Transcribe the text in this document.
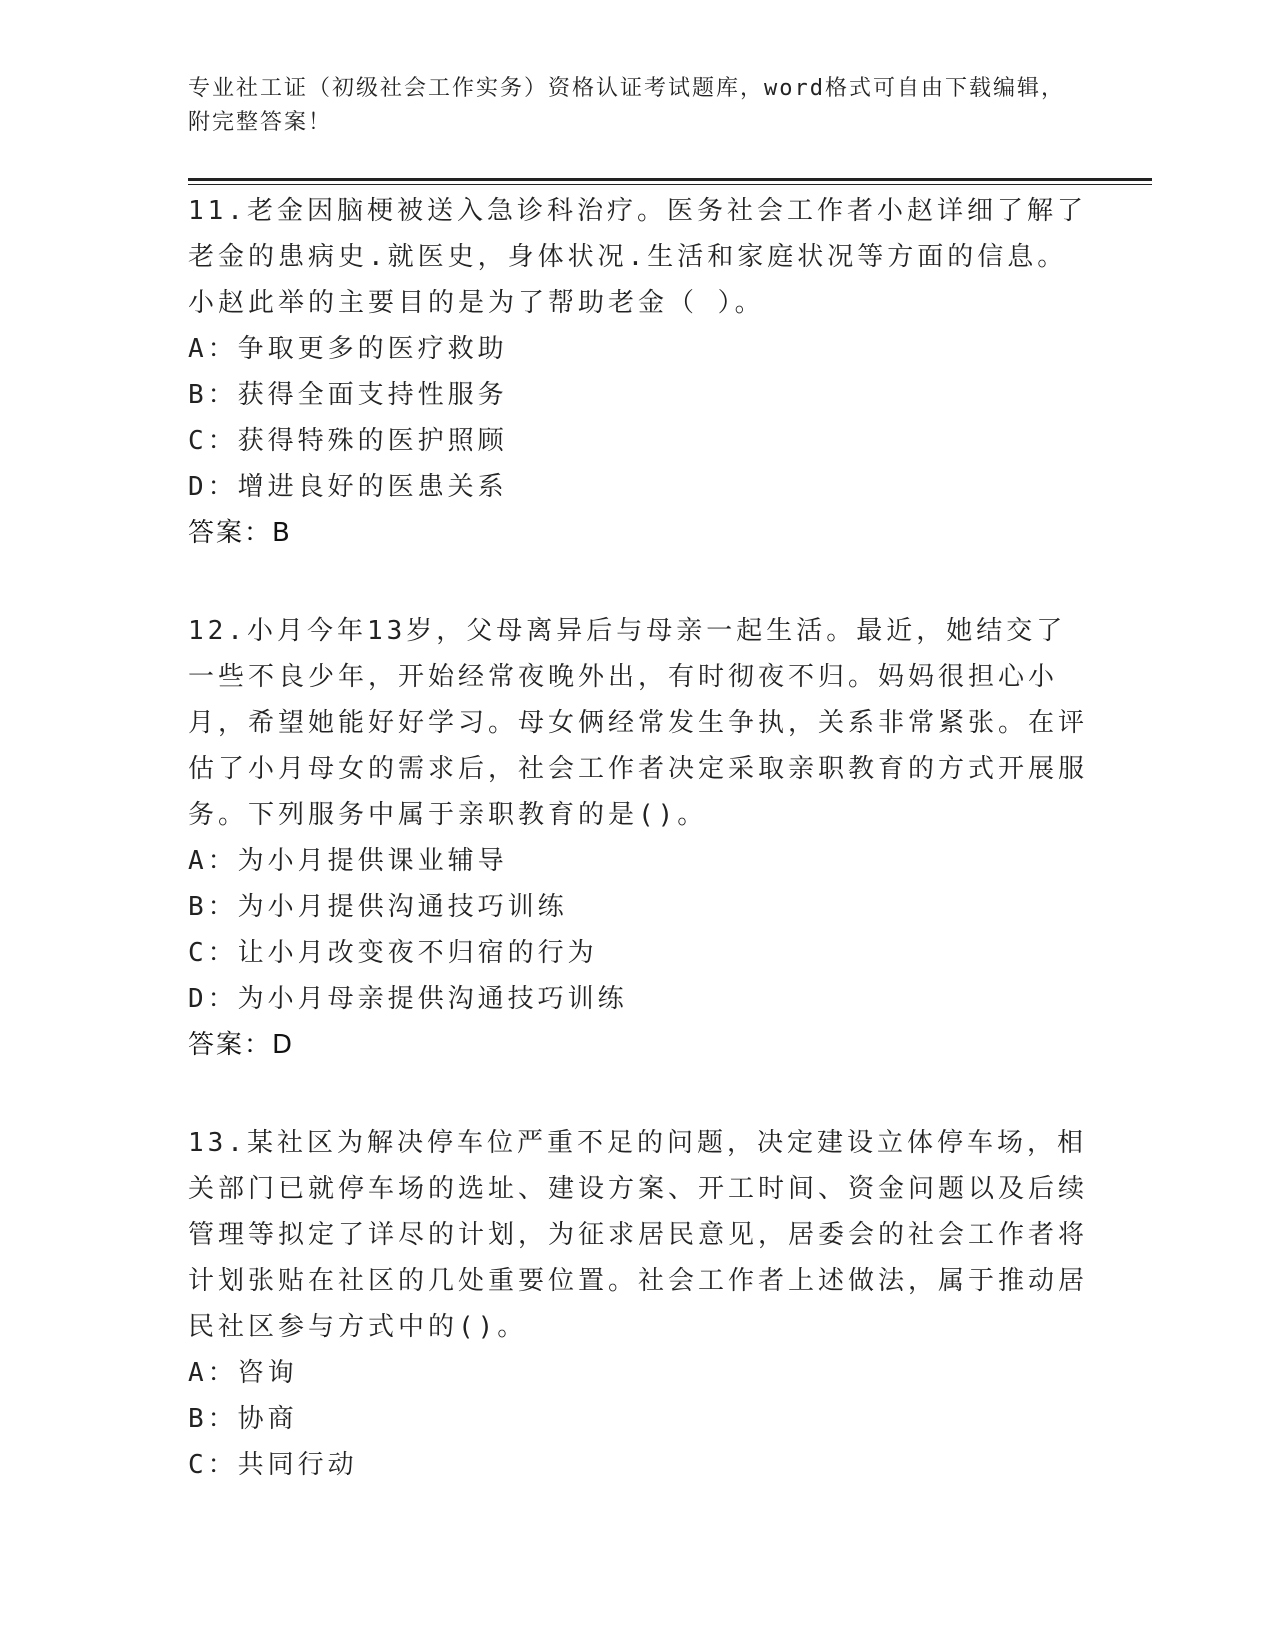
专业社工证（初级社会工作实务）资格认证考试题库，word格式可自由下载编辑，附完整答案！

11.老金因脑梗被送入急诊科治疗。医务社会工作者小赵详细了解了老金的患病史.就医史，身体状况.生活和家庭状况等方面的信息。小赵此举的主要目的是为了帮助老金（ ）。

A：争取更多的医疗救助

B：获得全面支持性服务

C：获得特殊的医护照顾

D：增进良好的医患关系

答案：B

12.小月今年13岁，父母离异后与母亲一起生活。最近，她结交了一些不良少年，开始经常夜晚外出，有时彻夜不归。妈妈很担心小月，希望她能好好学习。母女俩经常发生争执，关系非常紧张。在评估了小月母女的需求后，社会工作者决定采取亲职教育的方式开展服务。下列服务中属于亲职教育的是()。

A：为小月提供课业辅导

B：为小月提供沟通技巧训练

C：让小月改变夜不归宿的行为

D：为小月母亲提供沟通技巧训练

答案：D

13.某社区为解决停车位严重不足的问题，决定建设立体停车场，相关部门已就停车场的选址、建设方案、开工时间、资金问题以及后续管理等拟定了详尽的计划，为征求居民意见，居委会的社会工作者将计划张贴在社区的几处重要位置。社会工作者上述做法，属于推动居民社区参与方式中的()。

A：咨询

B：协商

C：共同行动
